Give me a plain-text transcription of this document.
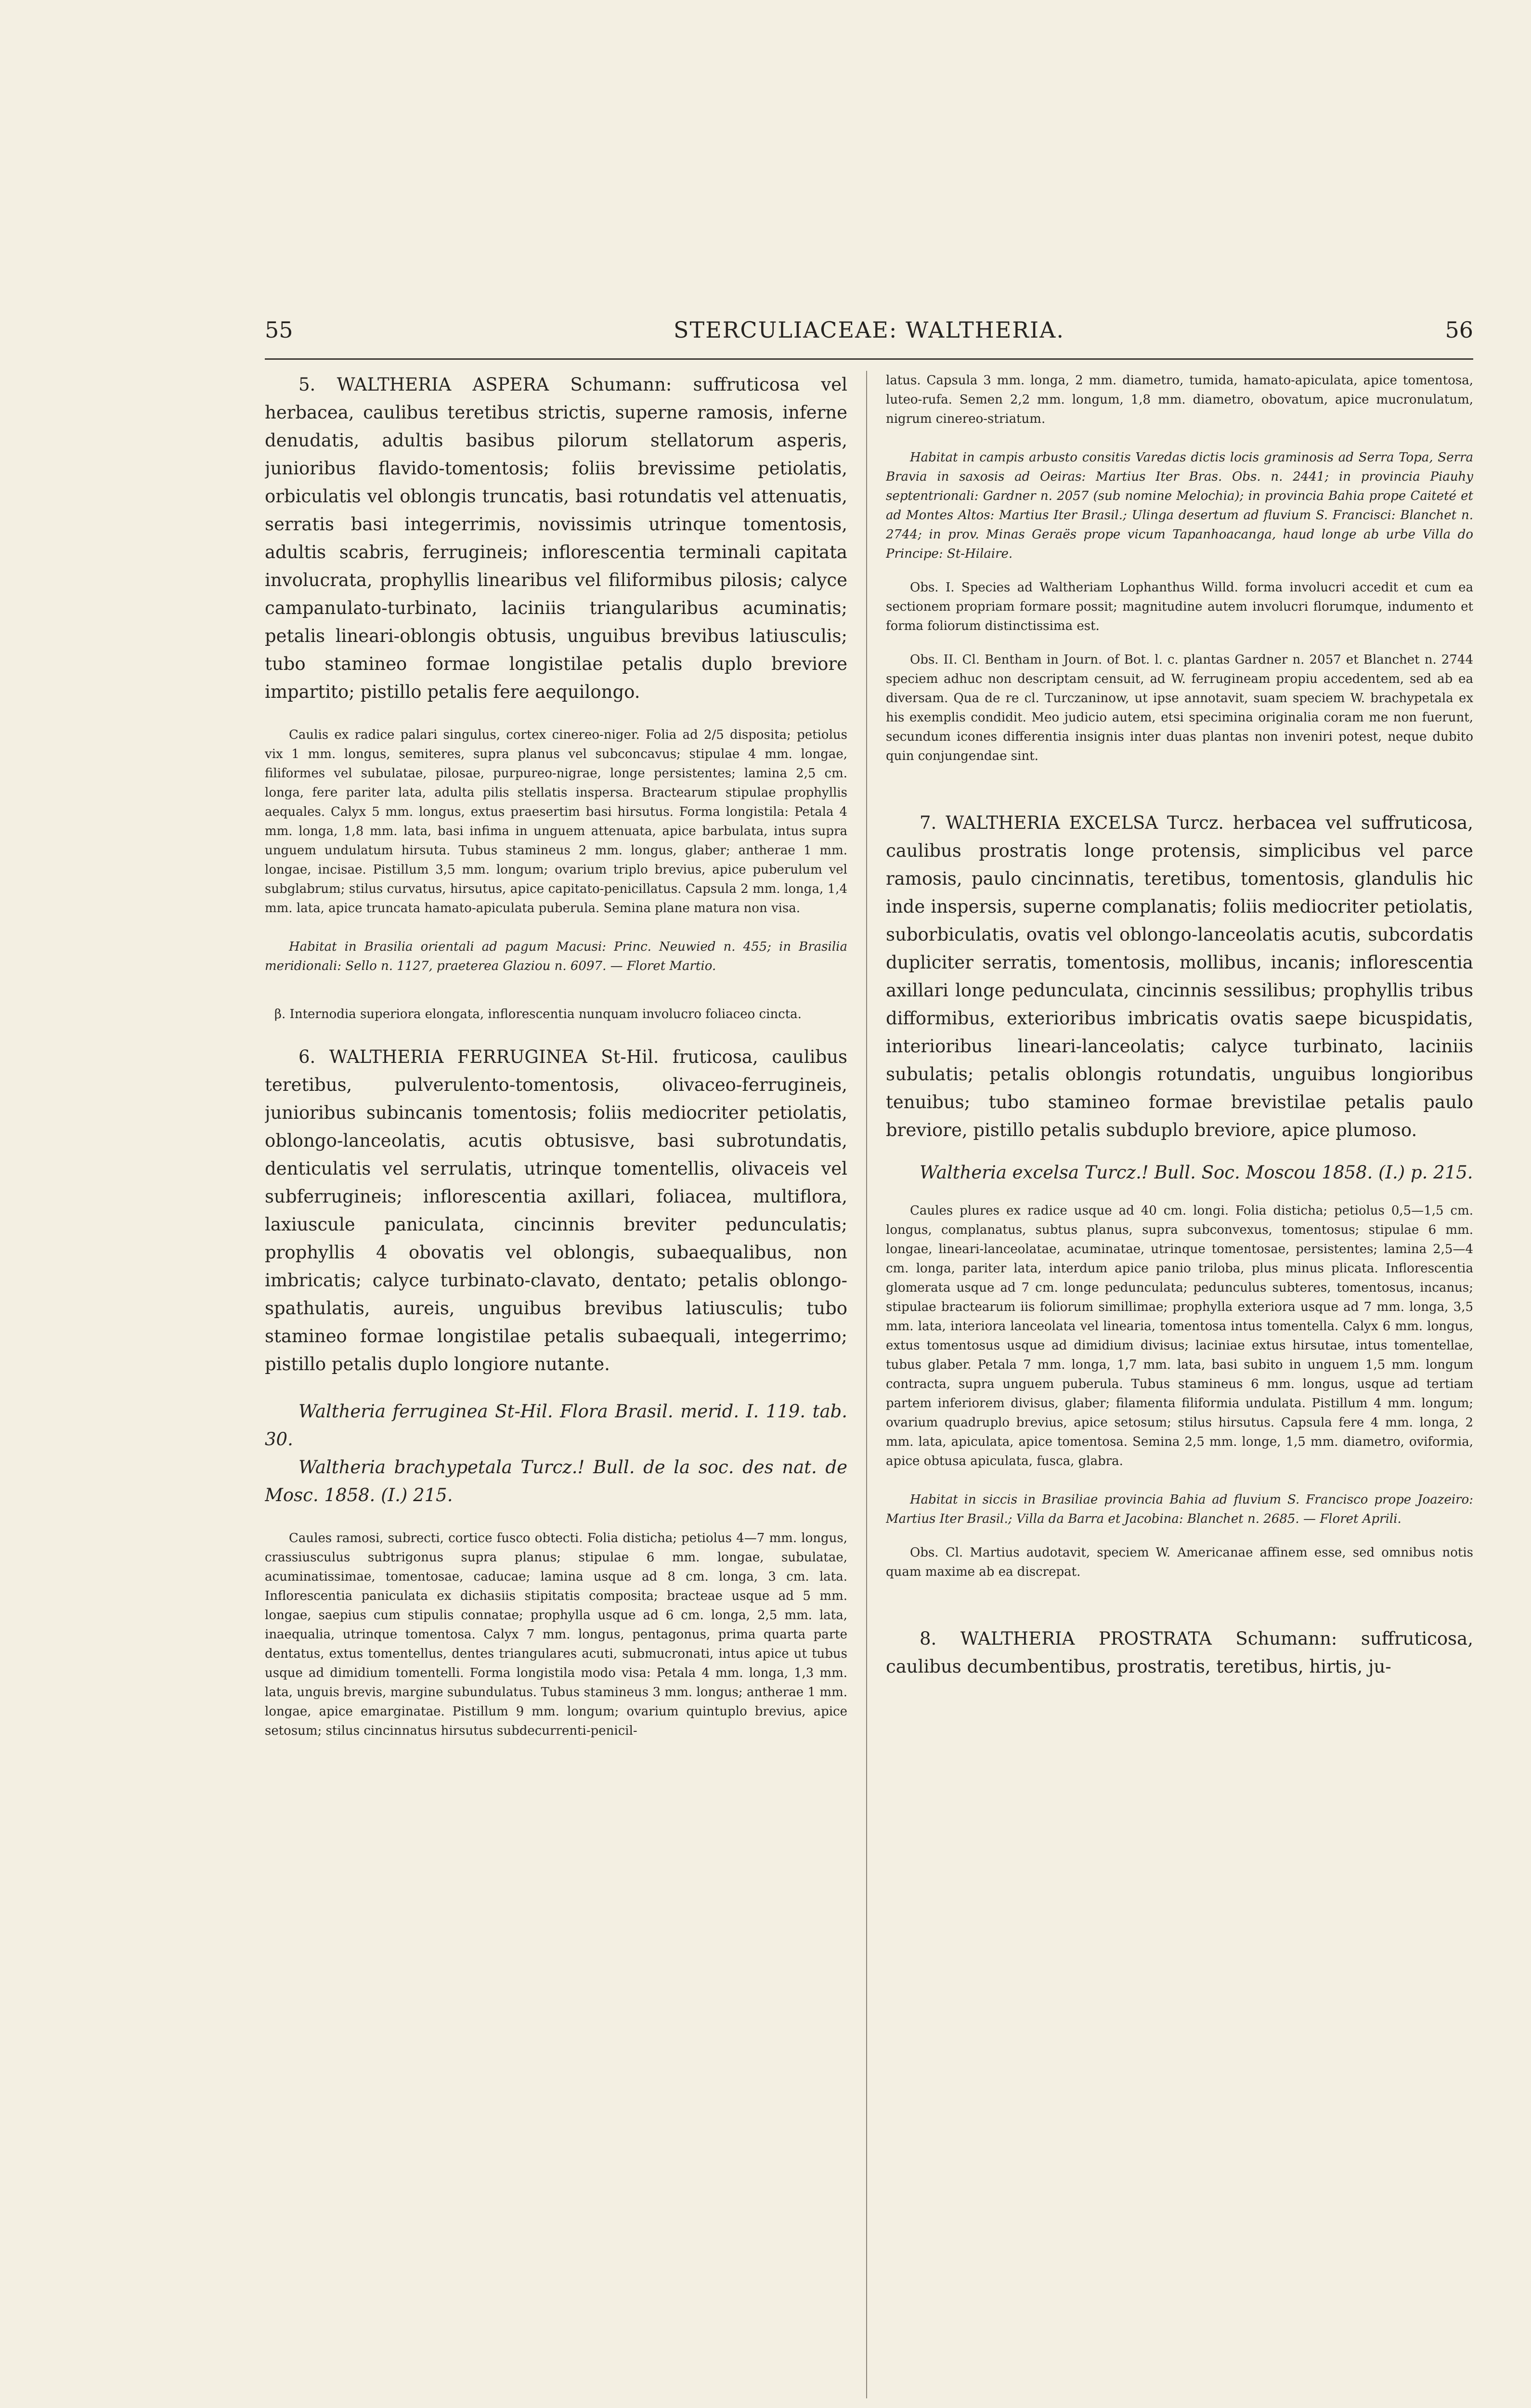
55	STERCULIACEAE: WALTHERIA.	56

5. WALTHERIA ASPERA Schumann: suffruticosa vel herbacea, caulibus teretibus strictis, superne ramosis, inferne denudatis, adultis basibus pilorum stellatorum asperis, junioribus flavido-tomentosis; foliis brevissime petiolatis, orbiculatis vel oblongis truncatis, basi rotundatis vel attenuatis, serratis basi integerrimis, novissimis utrinque tomentosis, adultis scabris, ferrugineis; inflorescentia terminali capitata involucrata, prophyllis linearibus vel filiformibus pilosis; calyce campanulato-turbinato, laciniis triangularibus acuminatis; petalis lineari-oblongis obtusis, unguibus brevibus latiusculis; tubo stamineo formae longistilae petalis duplo breviore impartito; pistillo petalis fere aequilongo.

Caulis ex radice palari singulus, cortex cinereo-niger. Folia ad 2/5 disposita; petiolus vix 1 mm. longus, semiteres, supra planus vel subconcavus; stipulae 4 mm. longae, filiformes vel subulatae, pilosae, purpureo-nigrae, longe persistentes; lamina 2,5 cm. longa, fere pariter lata, adulta pilis stellatis inspersa. Bractearum stipulae prophyllis aequales. Calyx 5 mm. longus, extus praesertim basi hirsutus. Forma longistila: Petala 4 mm. longa, 1,8 mm. lata, basi infima in unguem attenuata, apice barbulata, intus supra unguem undulatum hirsuta. Tubus stamineus 2 mm. longus, glaber; antherae 1 mm. longae, incisae. Pistillum 3,5 mm. longum; ovarium triplo brevius, apice puberulum vel subglabrum; stilus curvatus, hirsutus, apice capitato-penicillatus. Capsula 2 mm. longa, 1,4 mm. lata, apice truncata hamato-apiculata puberula. Semina plane matura non visa.

Habitat in Brasilia orientali ad pagum Macusi: Princ. Neuwied n. 455; in Brasilia meridionali: Sello n. 1127, praeterea Glaziou n. 6097. — Floret Martio.

β. Internodia superiora elongata, inflorescentia nunquam involucro foliaceo cincta.

6. WALTHERIA FERRUGINEA St-Hil. fruticosa, caulibus teretibus, pulverulento-tomentosis, olivaceo-ferrugineis, junioribus subincanis tomentosis; foliis mediocriter petiolatis, oblongo-lanceolatis, acutis obtusisve, basi subrotundatis, denticulatis vel serrulatis, utrinque tomentellis, olivaceis vel subferrugineis; inflorescentia axillari, foliacea, multiflora, laxiuscule paniculata, cincinnis breviter pedunculatis; prophyllis 4 obovatis vel oblongis, subaequalibus, non imbricatis; calyce turbinato-clavato, dentato; petalis oblongo-spathulatis, aureis, unguibus brevibus latiusculis; tubo stamineo formae longistilae petalis subaequali, integerrimo; pistillo petalis duplo longiore nutante.

Waltheria ferruginea St-Hil. Flora Brasil. merid. I. 119. tab. 30.

Waltheria brachypetala Turcz.! Bull. de la soc. des nat. de Mosc. 1858. (I.) 215.

Caules ramosi, subrecti, cortice fusco obtecti. Folia disticha; petiolus 4—7 mm. longus, crassiusculus subtrigonus supra planus; stipulae 6 mm. longae, subulatae, acuminatissimae, tomentosae, caducae; lamina usque ad 8 cm. longa, 3 cm. lata. Inflorescentia paniculata ex dichasiis stipitatis composita; bracteae usque ad 5 mm. longae, saepius cum stipulis connatae; prophylla usque ad 6 cm. longa, 2,5 mm. lata, inaequalia, utrinque tomentosa. Calyx 7 mm. longus, pentagonus, prima quarta parte dentatus, extus tomentellus, dentes triangulares acuti, submucronati, intus apice ut tubus usque ad dimidium tomentelli. Forma longistila modo visa: Petala 4 mm. longa, 1,3 mm. lata, unguis brevis, margine subundulatus. Tubus stamineus 3 mm. longus; antherae 1 mm. longae, apice emarginatae. Pistillum 9 mm. longum; ovarium quintuplo brevius, apice setosum; stilus cincinnatus hirsutus subdecurrenti-penicil-

latus. Capsula 3 mm. longa, 2 mm. diametro, tumida, hamato-apiculata, apice tomentosa, luteo-rufa. Semen 2,2 mm. longum, 1,8 mm. diametro, obovatum, apice mucronulatum, nigrum cinereo-striatum.

Habitat in campis arbusto consitis Varedas dictis locis graminosis ad Serra Topa, Serra Bravia in saxosis ad Oeiras: Martius Iter Bras. Obs. n. 2441; in provincia Piauhy septentrionali: Gardner n. 2057 (sub nomine Melochia); in provincia Bahia prope Caiteté et ad Montes Altos: Martius Iter Brasil.; Ulinga desertum ad fluvium S. Francisci: Blanchet n. 2744; in prov. Minas Geraës prope vicum Tapanhoacanga, haud longe ab urbe Villa do Principe: St-Hilaire.

Obs. I. Species ad Waltheriam Lophanthus Willd. forma involucri accedit et cum ea sectionem propriam formare possit; magnitudine autem involucri florumque, indumento et forma foliorum distinctissima est.

Obs. II. Cl. Bentham in Journ. of Bot. l. c. plantas Gardner n. 2057 et Blanchet n. 2744 speciem adhuc non descriptam censuit, ad W. ferrugineam propiu accedentem, sed ab ea diversam. Qua de re cl. Turczaninow, ut ipse annotavit, suam speciem W. brachypetala ex his exemplis condidit. Meo judicio autem, etsi specimina originalia coram me non fuerunt, secundum icones differentia insignis inter duas plantas non inveniri potest, neque dubito quin conjungendae sint.

7. WALTHERIA EXCELSA Turcz. herbacea vel suffruticosa, caulibus prostratis longe protensis, simplicibus vel parce ramosis, paulo cincinnatis, teretibus, tomentosis, glandulis hic inde inspersis, superne complanatis; foliis mediocriter petiolatis, suborbiculatis, ovatis vel oblongo-lanceolatis acutis, subcordatis dupliciter serratis, tomentosis, mollibus, incanis; inflorescentia axillari longe pedunculata, cincinnis sessilibus; prophyllis tribus difformibus, exterioribus imbricatis ovatis saepe bicuspidatis, interioribus lineari-lanceolatis; calyce turbinato, laciniis subulatis; petalis oblongis rotundatis, unguibus longioribus tenuibus; tubo stamineo formae brevistilae petalis paulo breviore, pistillo petalis subduplo breviore, apice plumoso.

Waltheria excelsa Turcz.! Bull. Soc. Moscou 1858. (I.) p. 215.

Caules plures ex radice usque ad 40 cm. longi. Folia disticha; petiolus 0,5—1,5 cm. longus, complanatus, subtus planus, supra subconvexus, tomentosus; stipulae 6 mm. longae, lineari-lanceolatae, acuminatae, utrinque tomentosae, persistentes; lamina 2,5—4 cm. longa, pariter lata, interdum apice panio triloba, plus minus plicata. Inflorescentia glomerata usque ad 7 cm. longe pedunculata; pedunculus subteres, tomentosus, incanus; stipulae bractearum iis foliorum simillimae; prophylla exteriora usque ad 7 mm. longa, 3,5 mm. lata, interiora lanceolata vel linearia, tomentosa intus tomentella. Calyx 6 mm. longus, extus tomentosus usque ad dimidium divisus; laciniae extus hirsutae, intus tomentellae, tubus glaber. Petala 7 mm. longa, 1,7 mm. lata, basi subito in unguem 1,5 mm. longum contracta, supra unguem puberula. Tubus stamineus 6 mm. longus, usque ad tertiam partem inferiorem divisus, glaber; filamenta filiformia undulata. Pistillum 4 mm. longum; ovarium quadruplo brevius, apice setosum; stilus hirsutus. Capsula fere 4 mm. longa, 2 mm. lata, apiculata, apice tomentosa. Semina 2,5 mm. longe, 1,5 mm. diametro, oviformia, apice obtusa apiculata, fusca, glabra.

Habitat in siccis in Brasiliae provincia Bahia ad fluvium S. Francisco prope Joazeiro: Martius Iter Brasil.; Villa da Barra et Jacobina: Blanchet n. 2685. — Floret Aprili.

Obs. Cl. Martius audotavit, speciem W. Americanae affinem esse, sed omnibus notis quam maxime ab ea discrepat.

8. WALTHERIA PROSTRATA Schumann: suffruticosa, caulibus decumbentibus, prostratis, teretibus, hirtis, ju-
